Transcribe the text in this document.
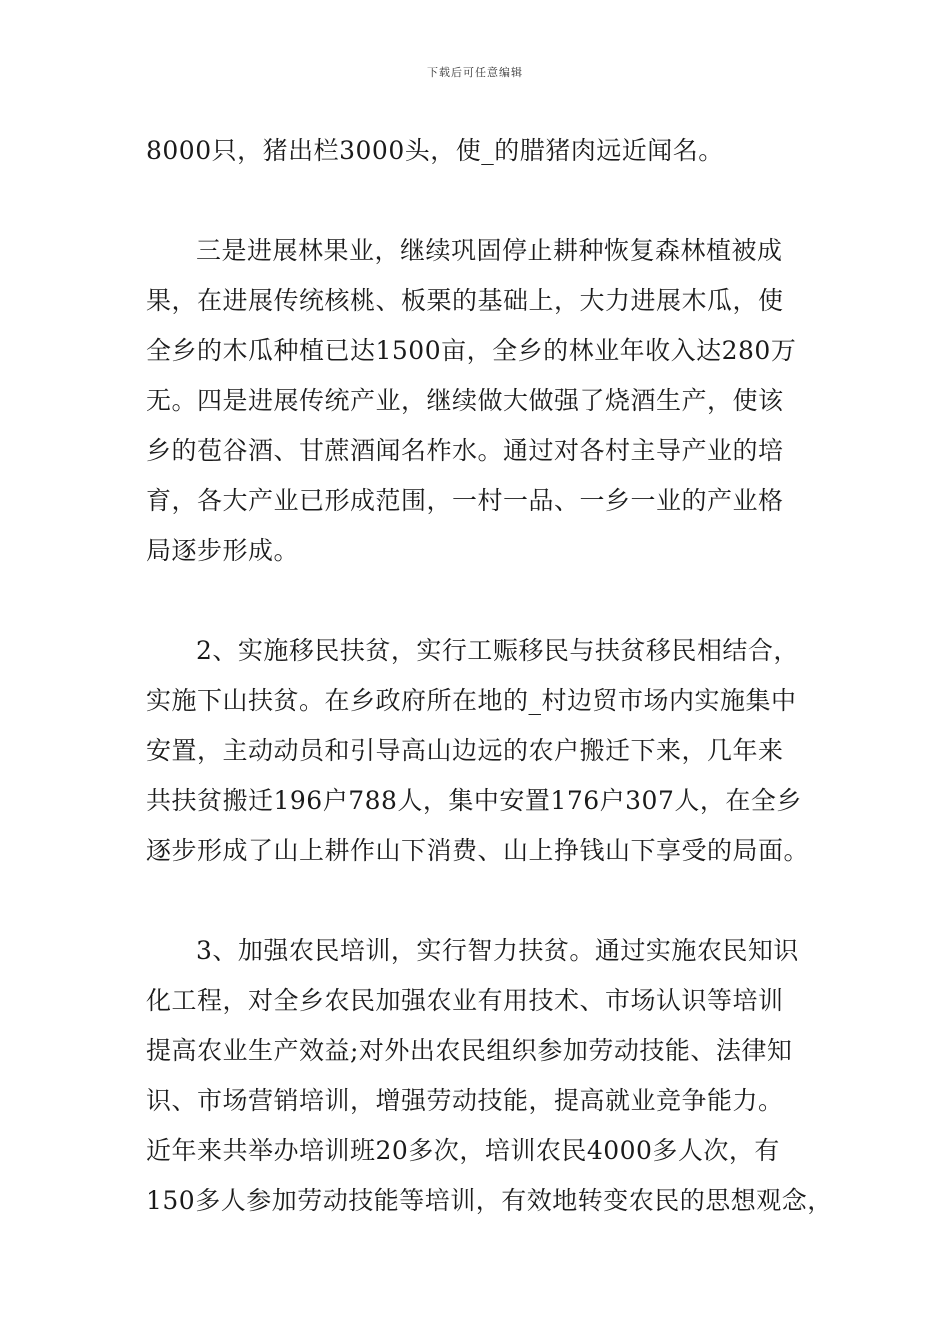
下载后可任意编辑
8000只，猪出栏3000头，使_的腊猪肉远近闻名。
三是进展林果业，继续巩固停止耕种恢复森林植被成
果，在进展传统核桃、板栗的基础上，大力进展木瓜，使
全乡的木瓜种植已达1500亩，全乡的林业年收入达280万
无。四是进展传统产业，继续做大做强了烧酒生产，使该
乡的苞谷酒、甘蔗酒闻名柞水。通过对各村主导产业的培
育，各大产业已形成范围，一村一品、一乡一业的产业格
局逐步形成。
2、实施移民扶贫，实行工赈移民与扶贫移民相结合，
实施下山扶贫。在乡政府所在地的_村边贸市场内实施集中
安置，主动动员和引导高山边远的农户搬迁下来，几年来
共扶贫搬迁196户788人，集中安置176户307人，在全乡
逐步形成了山上耕作山下消费、山上挣钱山下享受的局面。
3、加强农民培训，实行智力扶贫。通过实施农民知识
化工程，对全乡农民加强农业有用技术、市场认识等培训
提高农业生产效益;对外出农民组织参加劳动技能、法律知
识、市场营销培训，增强劳动技能，提高就业竞争能力。
近年来共举办培训班20多次，培训农民4000多人次，有
150多人参加劳动技能等培训，有效地转变农民的思想观念，
